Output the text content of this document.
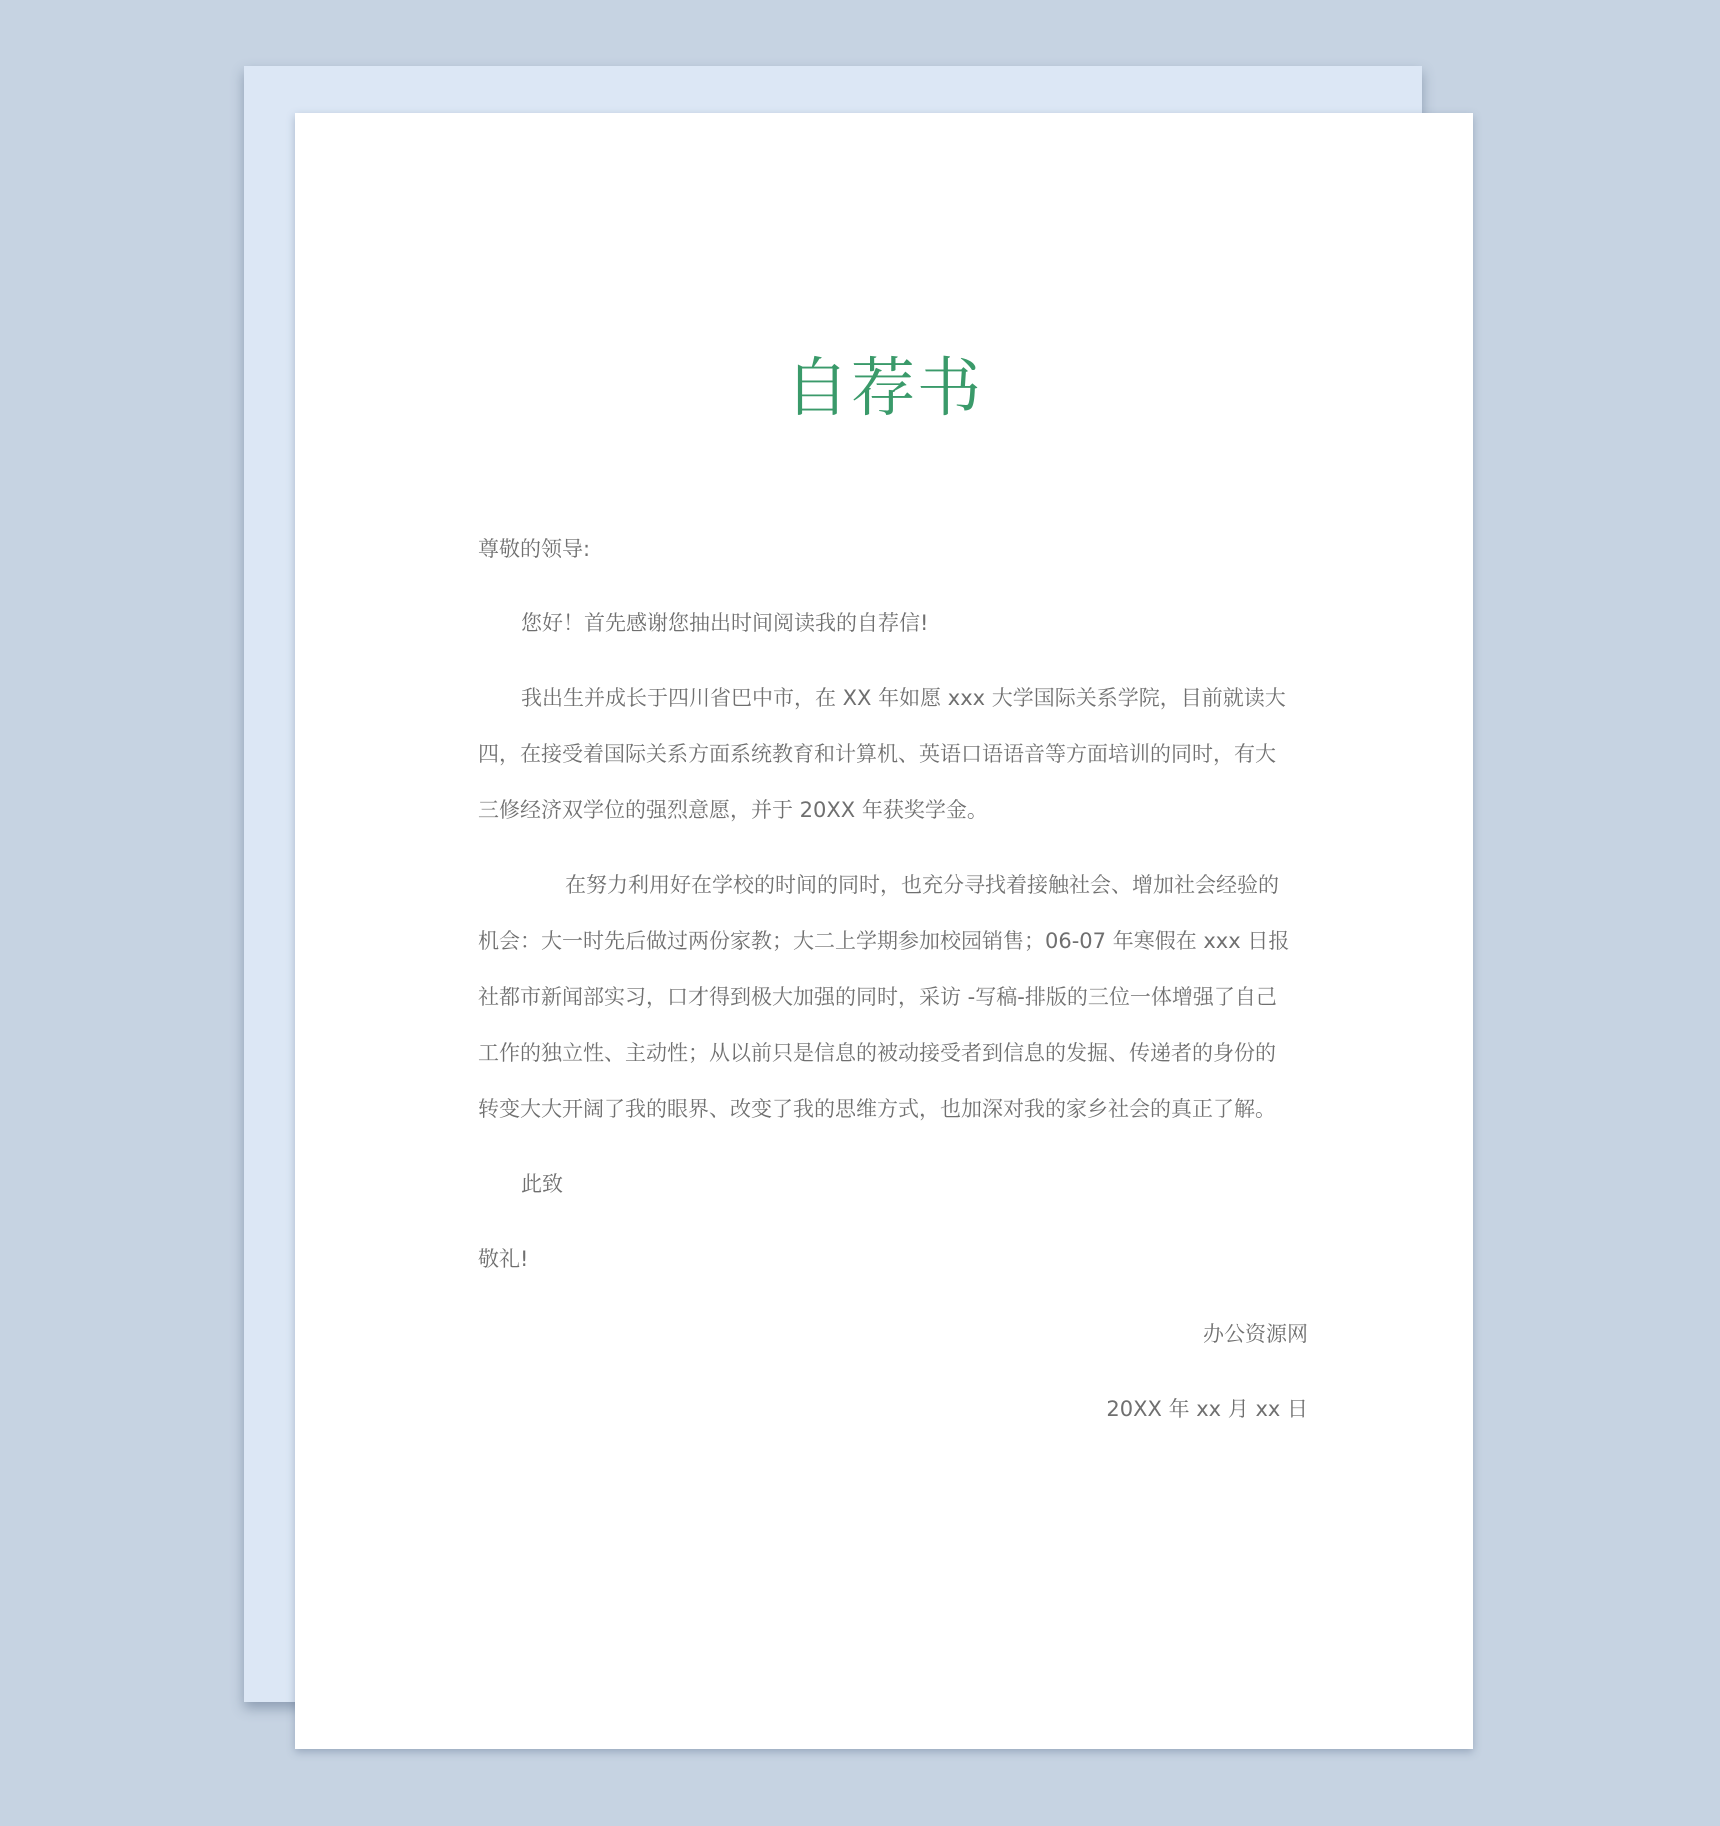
自荐书
尊敬的领导:
您好！首先感谢您抽出时间阅读我的自荐信!
我出生并成长于四川省巴中市，在 XX 年如愿 xxx 大学国际关系学院，目前就读大
四，在接受着国际关系方面系统教育和计算机、英语口语语音等方面培训的同时，有大
三修经济双学位的强烈意愿，并于 20XX 年获奖学金。
在努力利用好在学校的时间的同时，也充分寻找着接触社会、增加社会经验的
机会：大一时先后做过两份家教；大二上学期参加校园销售；06-07 年寒假在 xxx 日报
社都市新闻部实习，口才得到极大加强的同时，采访 -写稿-排版的三位一体增强了自己
工作的独立性、主动性；从以前只是信息的被动接受者到信息的发掘、传递者的身份的
转变大大开阔了我的眼界、改变了我的思维方式，也加深对我的家乡社会的真正了解。
此致
敬礼!
办公资源网
20XX 年 xx 月 xx 日
